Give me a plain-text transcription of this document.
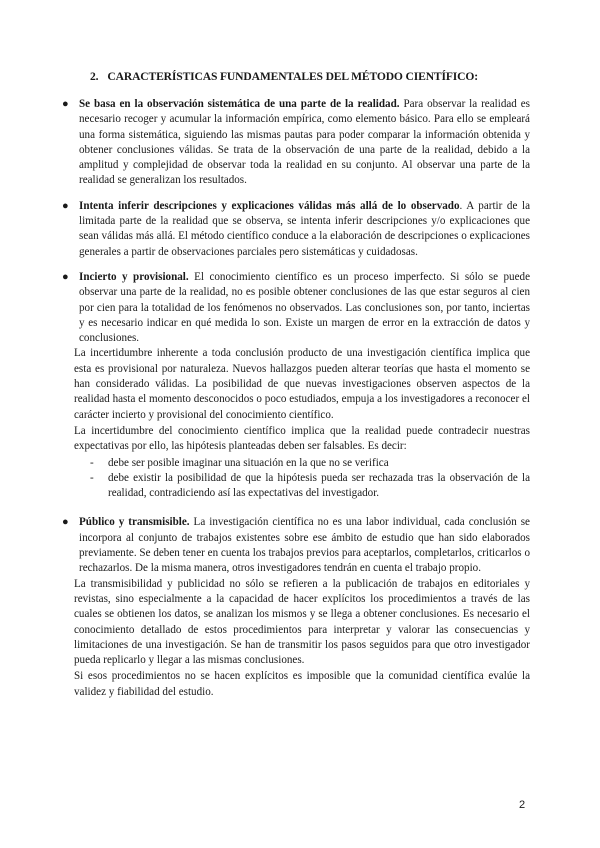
2. CARACTERÍSTICAS FUNDAMENTALES DEL MÉTODO CIENTÍFICO:
● Se basa en la observación sistemática de una parte de la realidad. Para observar la realidad es necesario recoger y acumular la información empírica, como elemento básico. Para ello se empleará una forma sistemática, siguiendo las mismas pautas para poder comparar la información obtenida y obtener conclusiones válidas. Se trata de la observación de una parte de la realidad, debido a la amplitud y complejidad de observar toda la realidad en su conjunto. Al observar una parte de la realidad se generalizan los resultados.

● Intenta inferir descripciones y explicaciones válidas más allá de lo observado. A partir de la limitada parte de la realidad que se observa, se intenta inferir descripciones y/o explicaciones que sean válidas más allá. El método científico conduce a la elaboración de descripciones o explicaciones generales a partir de observaciones parciales pero sistemáticas y cuidadosas.

● Incierto y provisional. El conocimiento científico es un proceso imperfecto. Si sólo se puede observar una parte de la realidad, no es posible obtener conclusiones de las que estar seguros al cien por cien para la totalidad de los fenómenos no observados. Las conclusiones son, por tanto, inciertas y es necesario indicar en qué medida lo son. Existe un margen de error en la extracción de datos y conclusiones.

La incertidumbre inherente a toda conclusión producto de una investigación científica implica que esta es provisional por naturaleza. Nuevos hallazgos pueden alterar teorías que hasta el momento se han considerado válidas. La posibilidad de que nuevas investigaciones observen aspectos de la realidad hasta el momento desconocidos o poco estudiados, empuja a los investigadores a reconocer el carácter incierto y provisional del conocimiento científico.

La incertidumbre del conocimiento científico implica que la realidad puede contradecir nuestras expectativas por ello, las hipótesis planteadas deben ser falsables. Es decir:

- debe ser posible imaginar una situación en la que no se verifica
- debe existir la posibilidad de que la hipótesis pueda ser rechazada tras la observación de la realidad, contradiciendo así las expectativas del investigador.
● Público y transmisible. La investigación científica no es una labor individual, cada conclusión se incorpora al conjunto de trabajos existentes sobre ese ámbito de estudio que han sido elaborados previamente. Se deben tener en cuenta los trabajos previos para aceptarlos, completarlos, criticarlos o rechazarlos. De la misma manera, otros investigadores tendrán en cuenta el trabajo propio.

La transmisibilidad y publicidad no sólo se refieren a la publicación de trabajos en editoriales y revistas, sino especialmente a la capacidad de hacer explícitos los procedimientos a través de las cuales se obtienen los datos, se analizan los mismos y se llega a obtener conclusiones. Es necesario el conocimiento detallado de estos procedimientos para interpretar y valorar las consecuencias y limitaciones de una investigación. Se han de transmitir los pasos seguidos para que otro investigador pueda replicarlo y llegar a las mismas conclusiones.

Si esos procedimientos no se hacen explícitos es imposible que la comunidad científica evalúe la validez y fiabilidad del estudio.

2
